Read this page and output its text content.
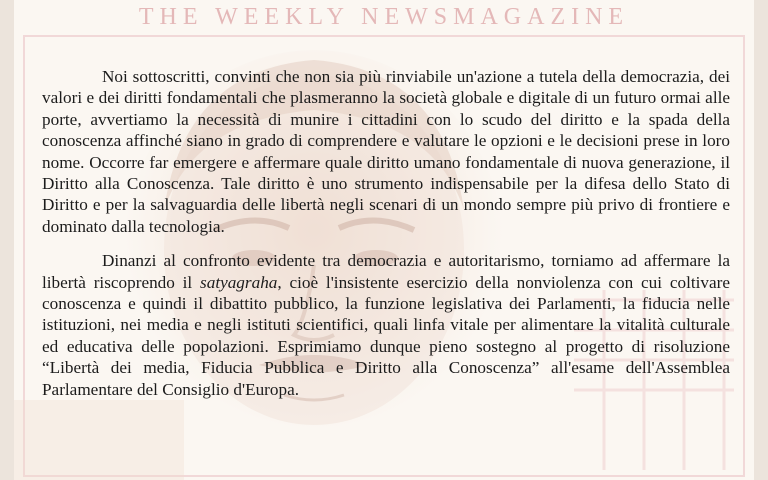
THE WEEKLY NEWSMAGAZINE

Noi sottoscritti, convinti che non sia più rinviabile un'azione a tutela della democrazia, dei valori e dei diritti fondamentali che plasmeranno la società globale e digitale di un futuro ormai alle porte, avvertiamo la necessità di munire i cittadini con lo scudo del diritto e la spada della conoscenza affinché siano in grado di comprendere e valutare le opzioni e le decisioni prese in loro nome. Occorre far emergere e affermare quale diritto umano fondamentale di nuova generazione, il Diritto alla Conoscenza. Tale diritto è uno strumento indispensabile per la difesa dello Stato di Diritto e per la salvaguardia delle libertà negli scenari di un mondo sempre più privo di frontiere e dominato dalla tecnologia.

Dinanzi al confronto evidente tra democrazia e autoritarismo, torniamo ad affermare la libertà riscoprendo il satyagraha, cioè l'insistente esercizio della nonviolenza con cui coltivare conoscenza e quindi il dibattito pubblico, la funzione legislativa dei Parlamenti, la fiducia nelle istituzioni, nei media e negli istituti scientifici, quali linfa vitale per alimentare la vitalità culturale ed educativa delle popolazioni. Esprimiamo dunque pieno sostegno al progetto di risoluzione “Libertà dei media, Fiducia Pubblica e Diritto alla Conoscenza” all'esame dell'Assemblea Parlamentare del Consiglio d'Europa.
